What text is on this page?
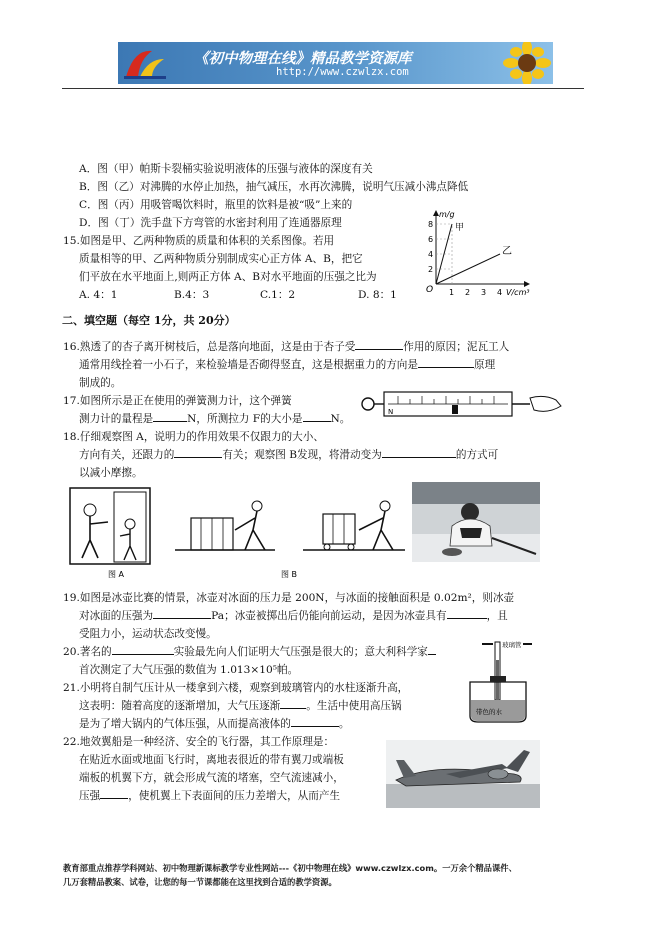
《初中物理在线》精品教学资源库
http://www.czwlzx.com
A．图（甲）帕斯卡裂桶实验说明液体的压强与液体的深度有关
B．图（乙）对沸腾的水停止加热，抽气减压，水再次沸腾，说明气压减小沸点降低
C．图（丙）用吸管喝饮料时，瓶里的饮料是被“吸”上来的
D．图（丁）洗手盘下方弯管的水密封利用了连通器原理
15.如图是甲、乙两种物质的质量和体积的关系图像。若用
质量相等的甲、乙两种物质分别制成实心正方体 A、B，把它
们平放在水平地面上,则两正方体 A、B对水平地面的压强之比为
A. 4：1	B.4：3	C.1：2	D. 8：1
甲
乙
m/g
V/cm³
O
2
4
6
8
1 2 3 4
二、填空题（每空 1分，共 20分）
16.熟透了的杏子离开树枝后，总是落向地面，这是由于杏子受	作用的原因；泥瓦工人
通常用线拴着一小石子，来检验墙是否砌得竖直，这是根据重力的方向是	原理
制成的。
17.如图所示是正在使用的弹簧测力计，这个弹簧
测力计的量程是	N，所测拉力 F的大小是	N。
N
18.仔细观察图 A，说明力的作用效果不仅跟力的大小、
方向有关，还跟力的	有关；观察图 B发现，将滑动变为	的方式可
以减小摩擦。
图 A	图 B
19.如图是冰壶比赛的情景，冰壶对冰面的压力是 200N，与冰面的接触面积是 0.02m²，则冰壶
对冰面的压强为	Pa；冰壶被掷出后仍能向前运动，是因为冰壶具有	，且
受阻力小，运动状态改变慢。
20.著名的	实验最先向人们证明大气压强是很大的；意大利科学家
首次测定了大气压强的数值为 1.013×10⁵帕。
玻璃管
带色的水
21.小明将自制气压计从一楼拿到六楼，观察到玻璃管内的水柱逐渐升高，
这表明：随着高度的逐渐增加，大气压逐渐 。生活中使用高压锅
是为了增大锅内的气体压强，从而提高液体的	。
22.地效翼船是一种经济、安全的飞行器，其工作原理是：
在贴近水面或地面飞行时，离地表很近的带有翼刀或端板
端板的机翼下方，就会形成气流的堵塞，空气流速减小，
压强	，使机翼上下表面间的压力差增大，从而产生
教育部重点推荐学科网站、初中物理新课标教学专业性网站---《初中物理在线》www.czwlzx.com。一万余个精品课件、
几万套精品教案、试卷，让您的每一节课都能在这里找到合适的教学资源。
